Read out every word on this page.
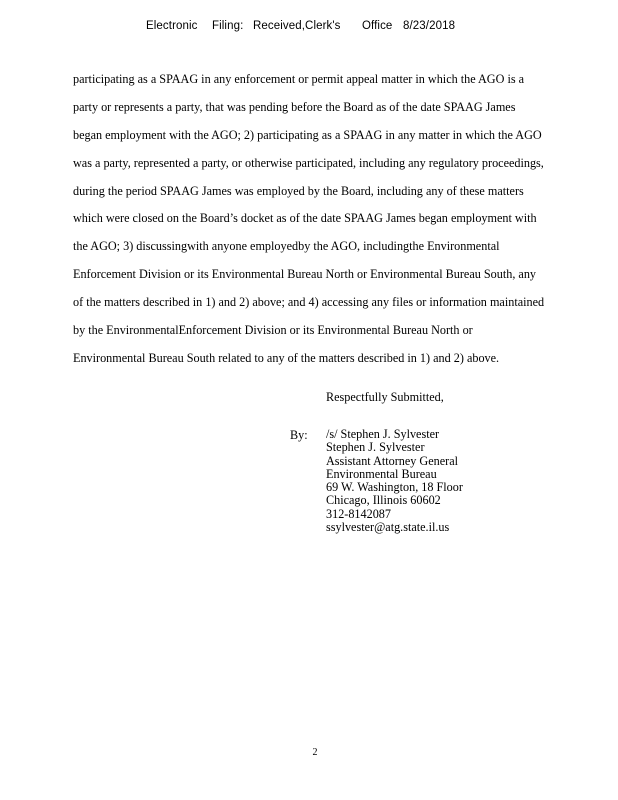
Electronic Filing: Received,Clerk's Office 8/23/2018
participating as a SPAAG in any enforcement or permit appeal matter in which the AGO is a
party or represents a party, that was pending before the Board as of the date SPAAG James
began employment with the AGO; 2) participating as a SPAAG in any matter in which the AGO
was a party, represented a party, or otherwise participated, including any regulatory proceedings,
during the period SPAAG James was employed by the Board, including any of these matters
which were closed on the Board’s docket as of the date SPAAG James began employment with
the AGO; 3) discussingwith anyone employedby the AGO, includingthe Environmental
Enforcement Division or its Environmental Bureau North or Environmental Bureau South, any
of the matters described in 1) and 2) above; and 4) accessing any files or information maintained
by the EnvironmentalEnforcement Division or its Environmental Bureau North or
Environmental Bureau South related to any of the matters described in 1) and 2) above.
Respectfully Submitted,
By: /s/ Stephen J. Sylvester
Stephen J. Sylvester
Assistant Attorney General
Environmental Bureau
69 W. Washington, 18 Floor
Chicago, Illinois 60602
312-8142087
ssylvester@atg.state.il.us
2
